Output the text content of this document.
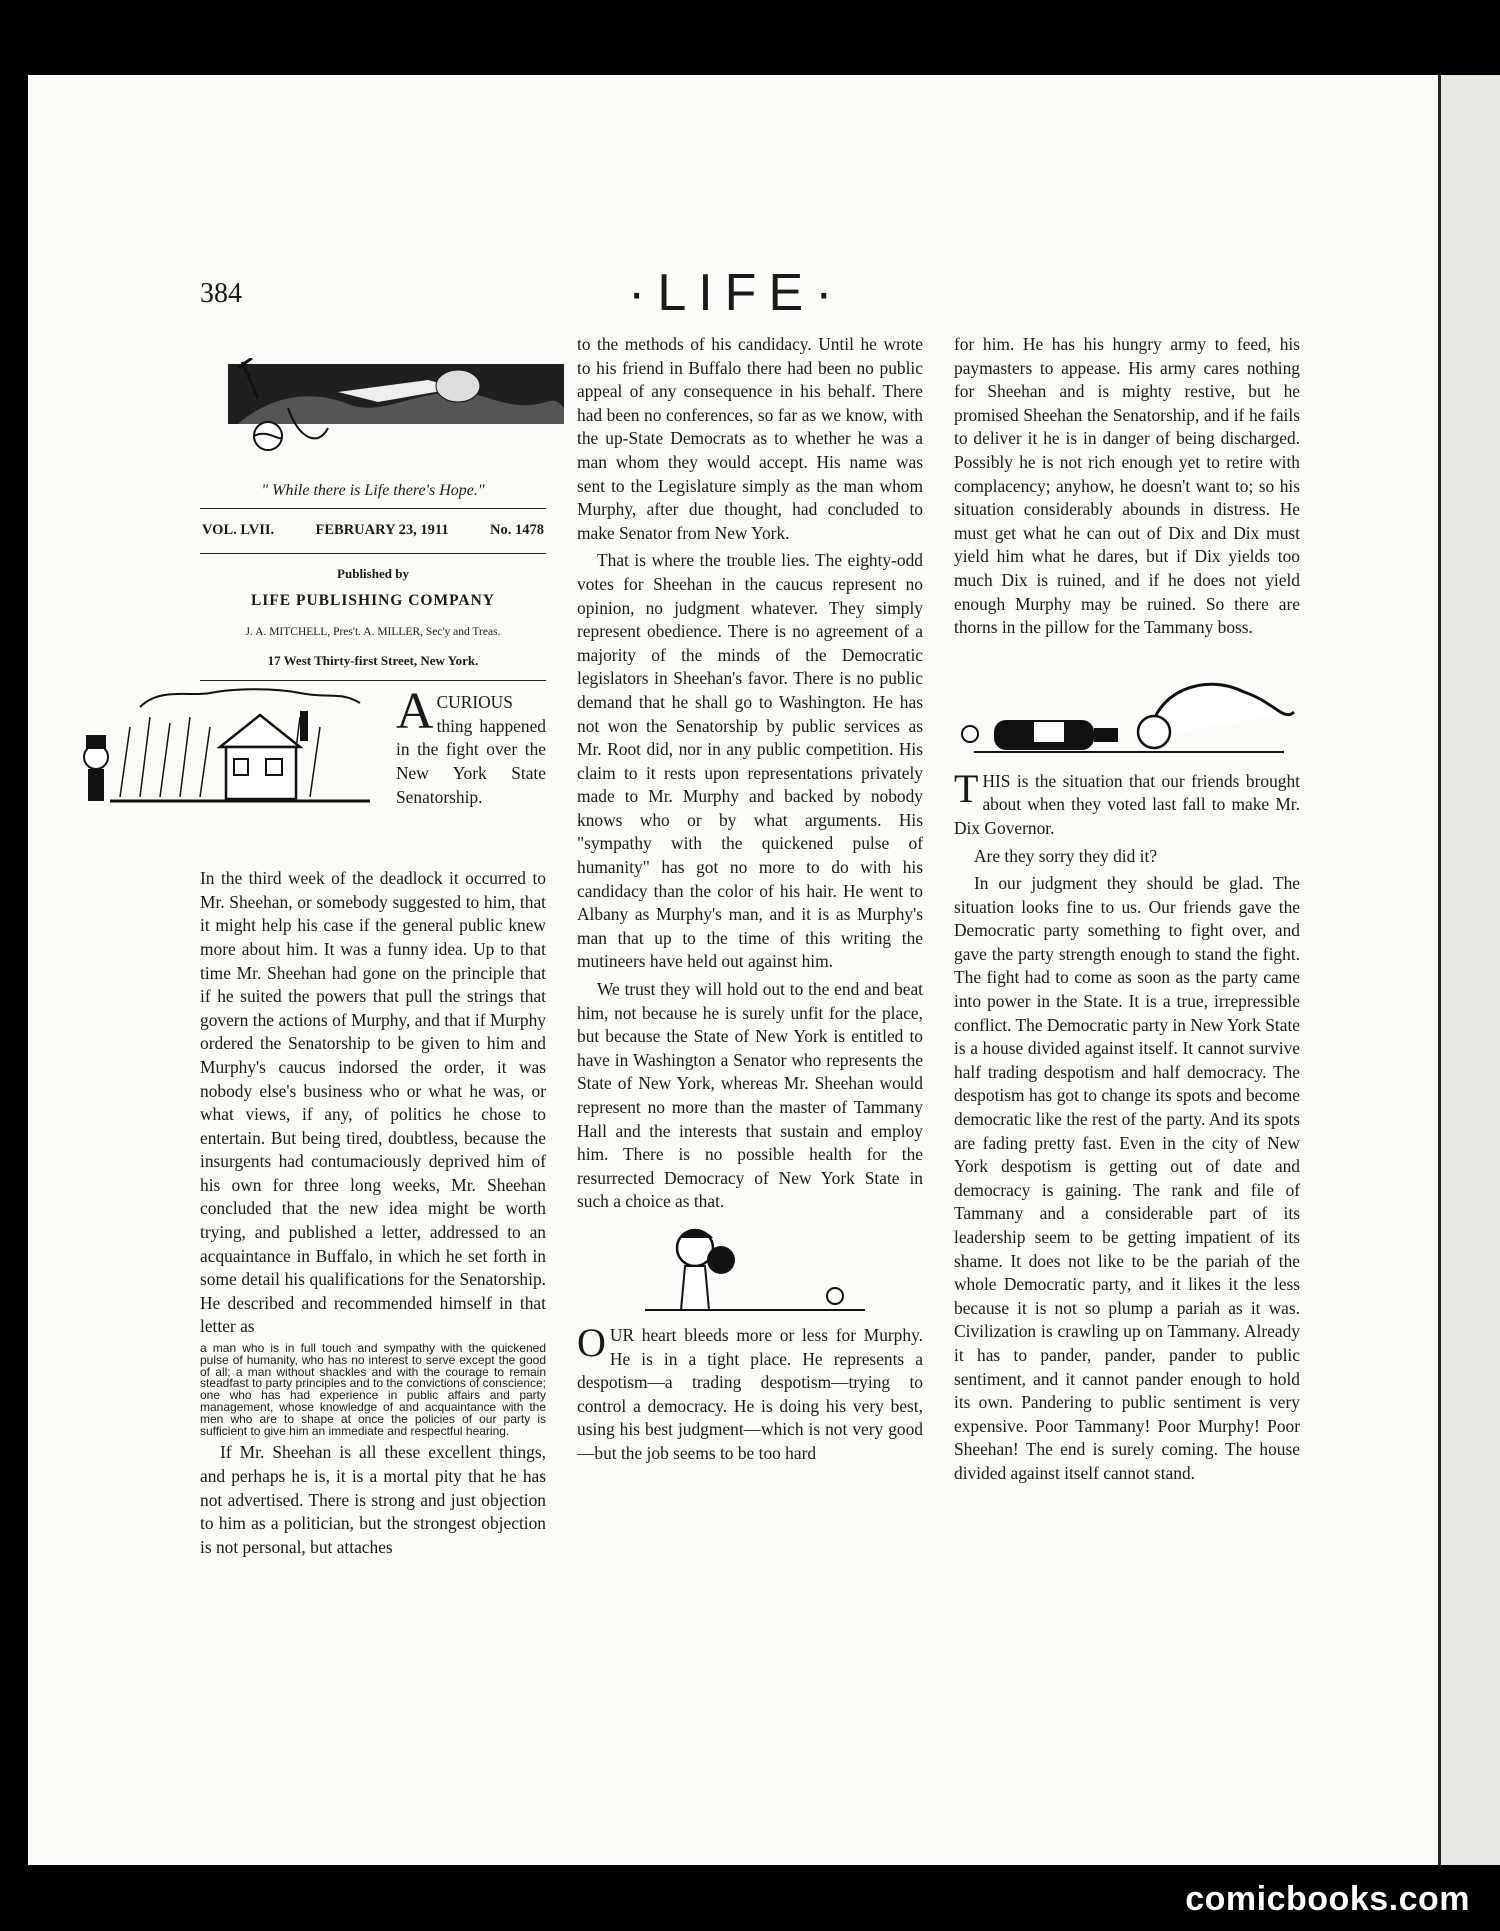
384	·LIFE·
" While there is Life there's Hope."
VOL. LVII.	FEBRUARY 23, 1911	No. 1478
Published by
LIFE PUBLISHING COMPANY
J. A. MITCHELL, Pres't. A. MILLER, Sec'y and Treas.
17 West Thirty-first Street, New York.
ACURIOUS thing happened in the fight over the New York State Senatorship.

In the third week of the deadlock it occurred to Mr. Sheehan, or somebody suggested to him, that it might help his case if the general public knew more about him. It was a funny idea. Up to that time Mr. Sheehan had gone on the principle that if he suited the powers that pull the strings that govern the actions of Murphy, and that if Murphy ordered the Senatorship to be given to him and Murphy's caucus indorsed the order, it was nobody else's business who or what he was, or what views, if any, of politics he chose to entertain. But being tired, doubtless, because the insurgents had contumaciously deprived him of his own for three long weeks, Mr. Sheehan concluded that the new idea might be worth trying, and published a letter, addressed to an acquaintance in Buffalo, in which he set forth in some detail his qualifications for the Senatorship. He described and recommended himself in that letter as

a man who is in full touch and sympathy with the quickened pulse of humanity, who has no interest to serve except the good of all; a man without shackles and with the courage to remain steadfast to party principles and to the convictions of conscience; one who has had experience in public affairs and party management, whose knowledge of and acquaintance with the men who are to shape at once the policies of our party is sufficient to give him an immediate and respectful hearing.

If Mr. Sheehan is all these excellent things, and perhaps he is, it is a mortal pity that he has not advertised. There is strong and just objection to him as a politician, but the strongest objection is not personal, but attaches

to the methods of his candidacy. Until he wrote to his friend in Buffalo there had been no public appeal of any consequence in his behalf. There had been no conferences, so far as we know, with the up-State Democrats as to whether he was a man whom they would accept. His name was sent to the Legislature simply as the man whom Murphy, after due thought, had concluded to make Senator from New York.

That is where the trouble lies. The eighty-odd votes for Sheehan in the caucus represent no opinion, no judgment whatever. They simply represent obedience. There is no agreement of a majority of the minds of the Democratic legislators in Sheehan's favor. There is no public demand that he shall go to Washington. He has not won the Senatorship by public services as Mr. Root did, nor in any public competition. His claim to it rests upon representations privately made to Mr. Murphy and backed by nobody knows who or by what arguments. His "sympathy with the quickened pulse of humanity" has got no more to do with his candidacy than the color of his hair. He went to Albany as Murphy's man, and it is as Murphy's man that up to the time of this writing the mutineers have held out against him.

We trust they will hold out to the end and beat him, not because he is surely unfit for the place, but because the State of New York is entitled to have in Washington a Senator who represents the State of New York, whereas Mr. Sheehan would represent no more than the master of Tammany Hall and the interests that sustain and employ him. There is no possible health for the resurrected Democracy of New York State in such a choice as that.

OUR heart bleeds more or less for Murphy. He is in a tight place. He represents a despotism—a trading despotism—trying to control a democracy. He is doing his very best, using his best judgment—which is not very good—but the job seems to be too hard

for him. He has his hungry army to feed, his paymasters to appease. His army cares nothing for Sheehan and is mighty restive, but he promised Sheehan the Senatorship, and if he fails to deliver it he is in danger of being discharged. Possibly he is not rich enough yet to retire with complacency; anyhow, he doesn't want to; so his situation considerably abounds in distress. He must get what he can out of Dix and Dix must yield him what he dares, but if Dix yields too much Dix is ruined, and if he does not yield enough Murphy may be ruined. So there are thorns in the pillow for the Tammany boss.

THIS is the situation that our friends brought about when they voted last fall to make Mr. Dix Governor.

Are they sorry they did it?

In our judgment they should be glad. The situation looks fine to us. Our friends gave the Democratic party something to fight over, and gave the party strength enough to stand the fight. The fight had to come as soon as the party came into power in the State. It is a true, irrepressible conflict. The Democratic party in New York State is a house divided against itself. It cannot survive half trading despotism and half democracy. The despotism has got to change its spots and become democratic like the rest of the party. And its spots are fading pretty fast. Even in the city of New York despotism is getting out of date and democracy is gaining. The rank and file of Tammany and a considerable part of its leadership seem to be getting impatient of its shame. It does not like to be the pariah of the whole Democratic party, and it likes it the less because it is not so plump a pariah as it was. Civilization is crawling up on Tammany. Already it has to pander, pander, pander to public sentiment, and it cannot pander enough to hold its own. Pandering to public sentiment is very expensive. Poor Tammany! Poor Murphy! Poor Sheehan! The end is surely coming. The house divided against itself cannot stand.

comicbooks.com
